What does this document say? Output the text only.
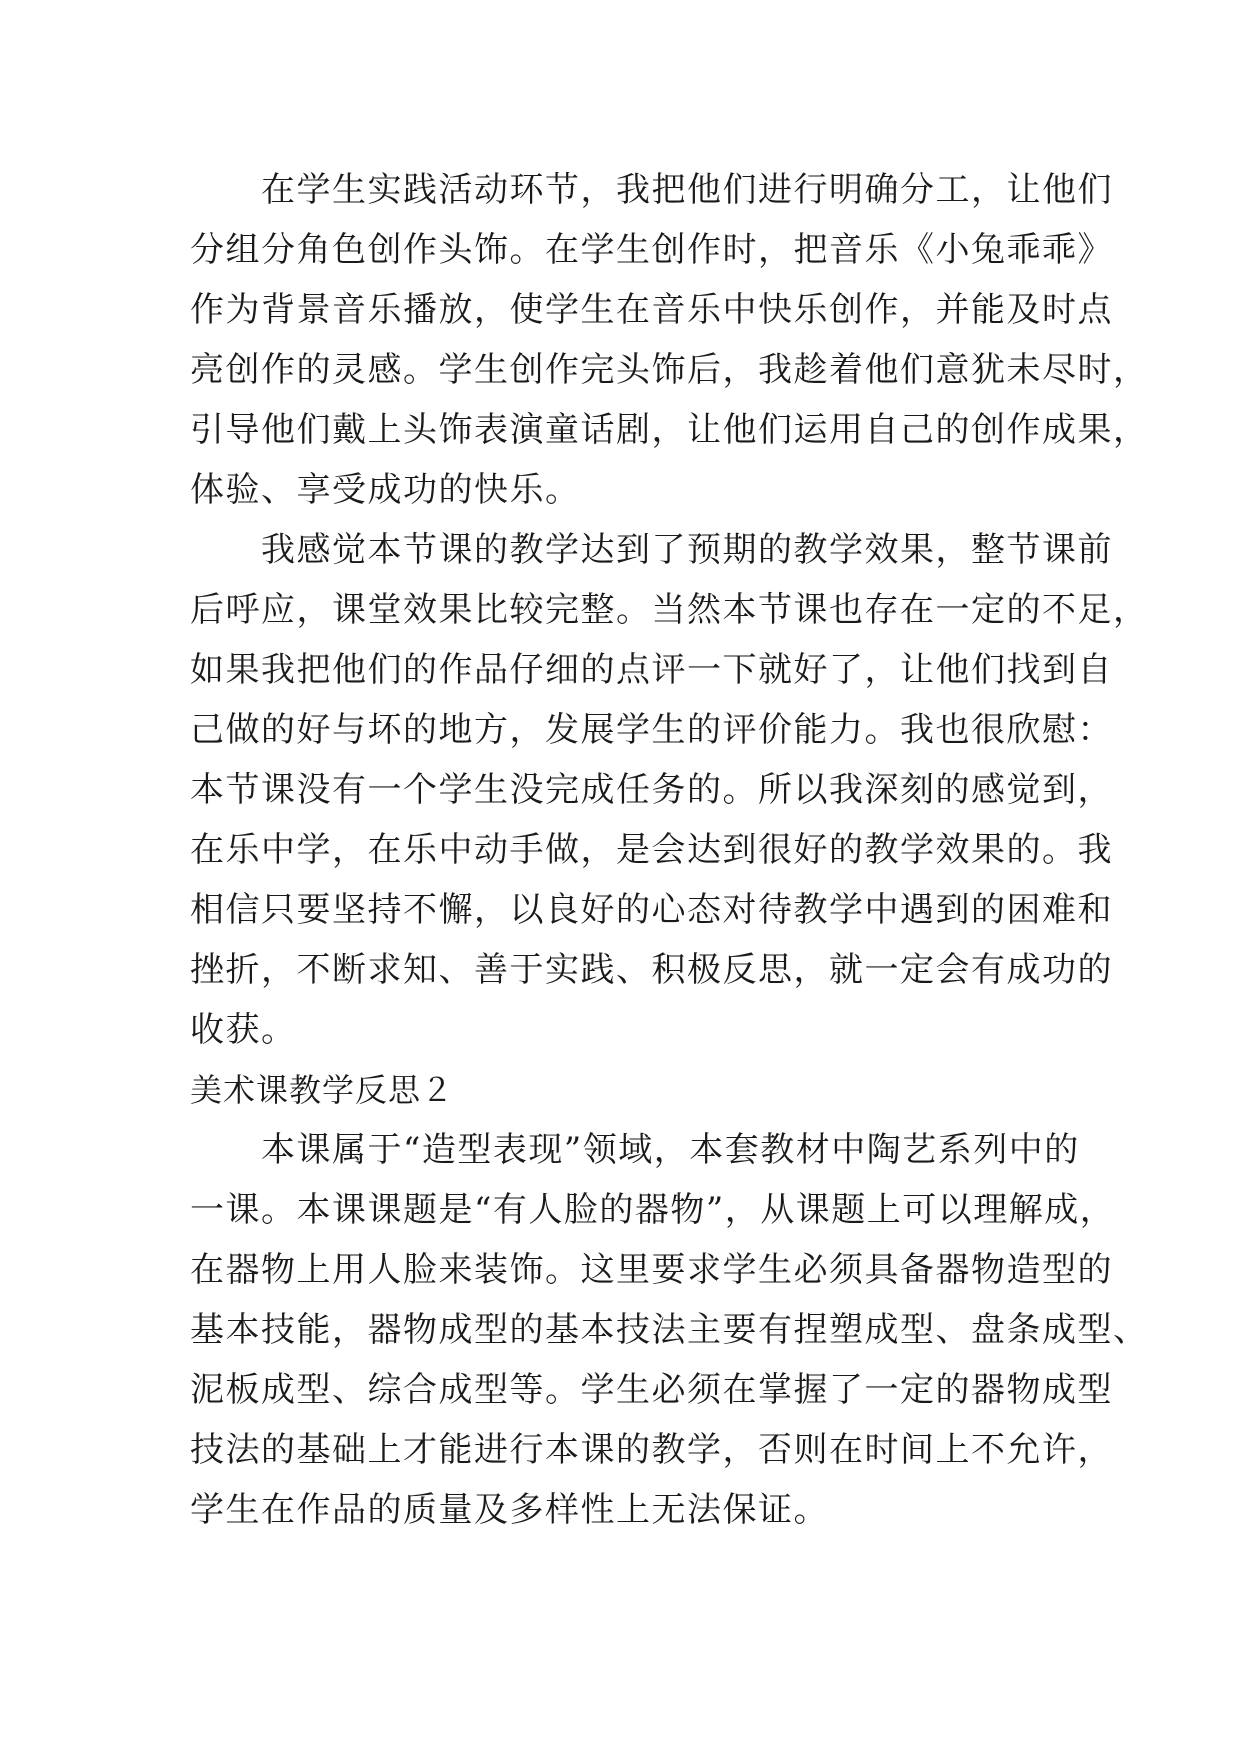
　　在学生实践活动环节，我把他们进行明确分工，让他们
分组分角色创作头饰。在学生创作时，把音乐《小兔乖乖》
作为背景音乐播放，使学生在音乐中快乐创作，并能及时点
亮创作的灵感。学生创作完头饰后，我趁着他们意犹未尽时，
引导他们戴上头饰表演童话剧，让他们运用自己的创作成果，
体验、享受成功的快乐。
　　我感觉本节课的教学达到了预期的教学效果，整节课前
后呼应，课堂效果比较完整。当然本节课也存在一定的不足，
如果我把他们的作品仔细的点评一下就好了，让他们找到自
己做的好与坏的地方，发展学生的评价能力。我也很欣慰：
本节课没有一个学生没完成任务的。所以我深刻的感觉到，
在乐中学，在乐中动手做，是会达到很好的教学效果的。我
相信只要坚持不懈，以良好的心态对待教学中遇到的困难和
挫折，不断求知、善于实践、积极反思，就一定会有成功的
收获。
美术课教学反思２
　　本课属于“造型表现”领域，本套教材中陶艺系列中的
一课。本课课题是“有人脸的器物”，从课题上可以理解成，
在器物上用人脸来装饰。这里要求学生必须具备器物造型的
基本技能，器物成型的基本技法主要有捏塑成型、盘条成型、
泥板成型、综合成型等。学生必须在掌握了一定的器物成型
技法的基础上才能进行本课的教学，否则在时间上不允许，
学生在作品的质量及多样性上无法保证。
